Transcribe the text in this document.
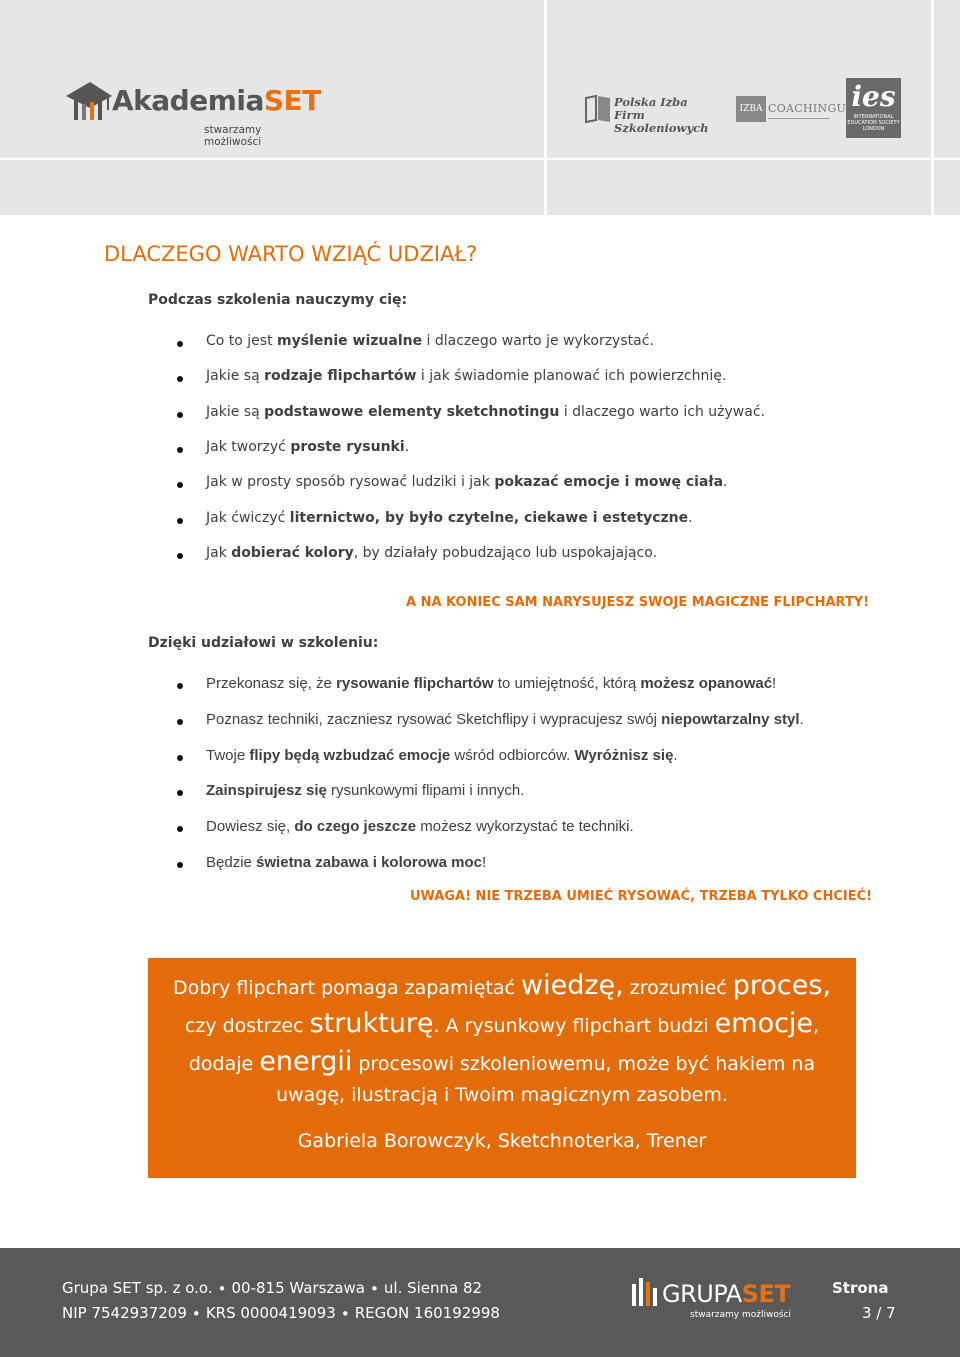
AkademiaSET
stwarzamy możliwości
Polska Izba
Firm Szkoleniowych
IZBA COACHINGU ies
INTERNATIONAL
EDUCATION SOCIETY
LONDON
DLACZEGO WARTO WZIĄĆ UDZIAŁ?
Podczas szkolenia nauczymy cię:
Co to jest myślenie wizualne i dlaczego warto je wykorzystać.
Jakie są rodzaje flipchartów i jak świadomie planować ich powierzchnię.
Jakie są podstawowe elementy sketchnotingu i dlaczego warto ich używać.
Jak tworzyć proste rysunki.
Jak w prosty sposób rysować ludziki i jak pokazać emocje i mowę ciała.
Jak ćwiczyć liternictwo, by było czytelne, ciekawe i estetyczne.
Jak dobierać kolory, by działały pobudzająco lub uspokajająco.
A NA KONIEC SAM NARYSUJESZ SWOJE MAGICZNE FLIPCHARTY!
Dzięki udziałowi w szkoleniu:
Przekonasz się, że rysowanie flipchartów to umiejętność, którą możesz opanować!
Poznasz techniki, zaczniesz rysować Sketchflipy i wypracujesz swój niepowtarzalny styl.
Twoje flipy będą wzbudzać emocje wśród odbiorców. Wyróżnisz się.
Zainspirujesz się rysunkowymi flipami i innych.
Dowiesz się, do czego jeszcze możesz wykorzystać te techniki.
Będzie świetna zabawa i kolorowa moc!
UWAGA! NIE TRZEBA UMIEĆ RYSOWAĆ, TRZEBA TYLKO CHCIEĆ!
Dobry flipchart pomaga zapamiętać wiedzę, zrozumieć proces,
czy dostrzec strukturę. A rysunkowy flipchart budzi emocje,
dodaje energii procesowi szkoleniowemu, może być hakiem na
uwagę, ilustracją i Twoim magicznym zasobem.
Gabriela Borowczyk, Sketchnoterka, Trener
Grupa SET sp. z o.o. ∙ 00-815 Warszawa ∙ ul. Sienna 82
NIP 7542937209 ∙ KRS 0000419093 ∙ REGON 160192998
GRUPASET
stwarzamy możliwości
Strona
3 / 7
